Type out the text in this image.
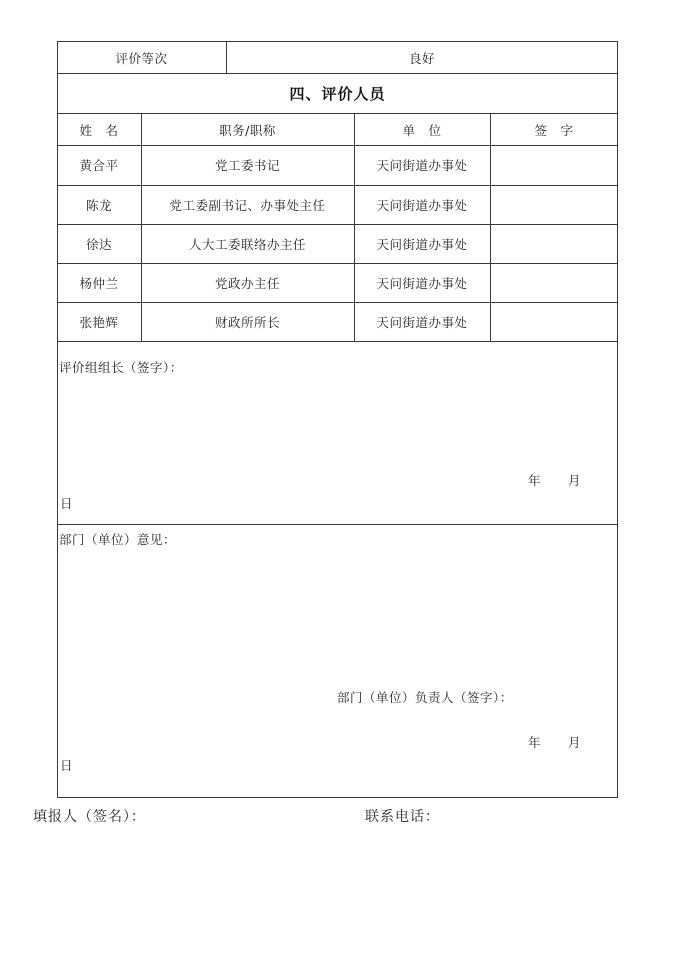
评价等次	良好
四、评价人员
姓　名	职务/职称	单　位	签　字
黄合平	党工委书记	天问街道办事处
陈龙	党工委副书记、办事处主任	天问街道办事处
徐达	人大工委联络办主任	天问街道办事处
杨仲兰	党政办主任	天问街道办事处
张艳辉	财政所所长	天问街道办事处
评价组组长（签字）：
年 月
日
部门（单位）意见：
部门（单位）负责人（签字）：
年 月
日
填报人（签名）：	联系电话：
